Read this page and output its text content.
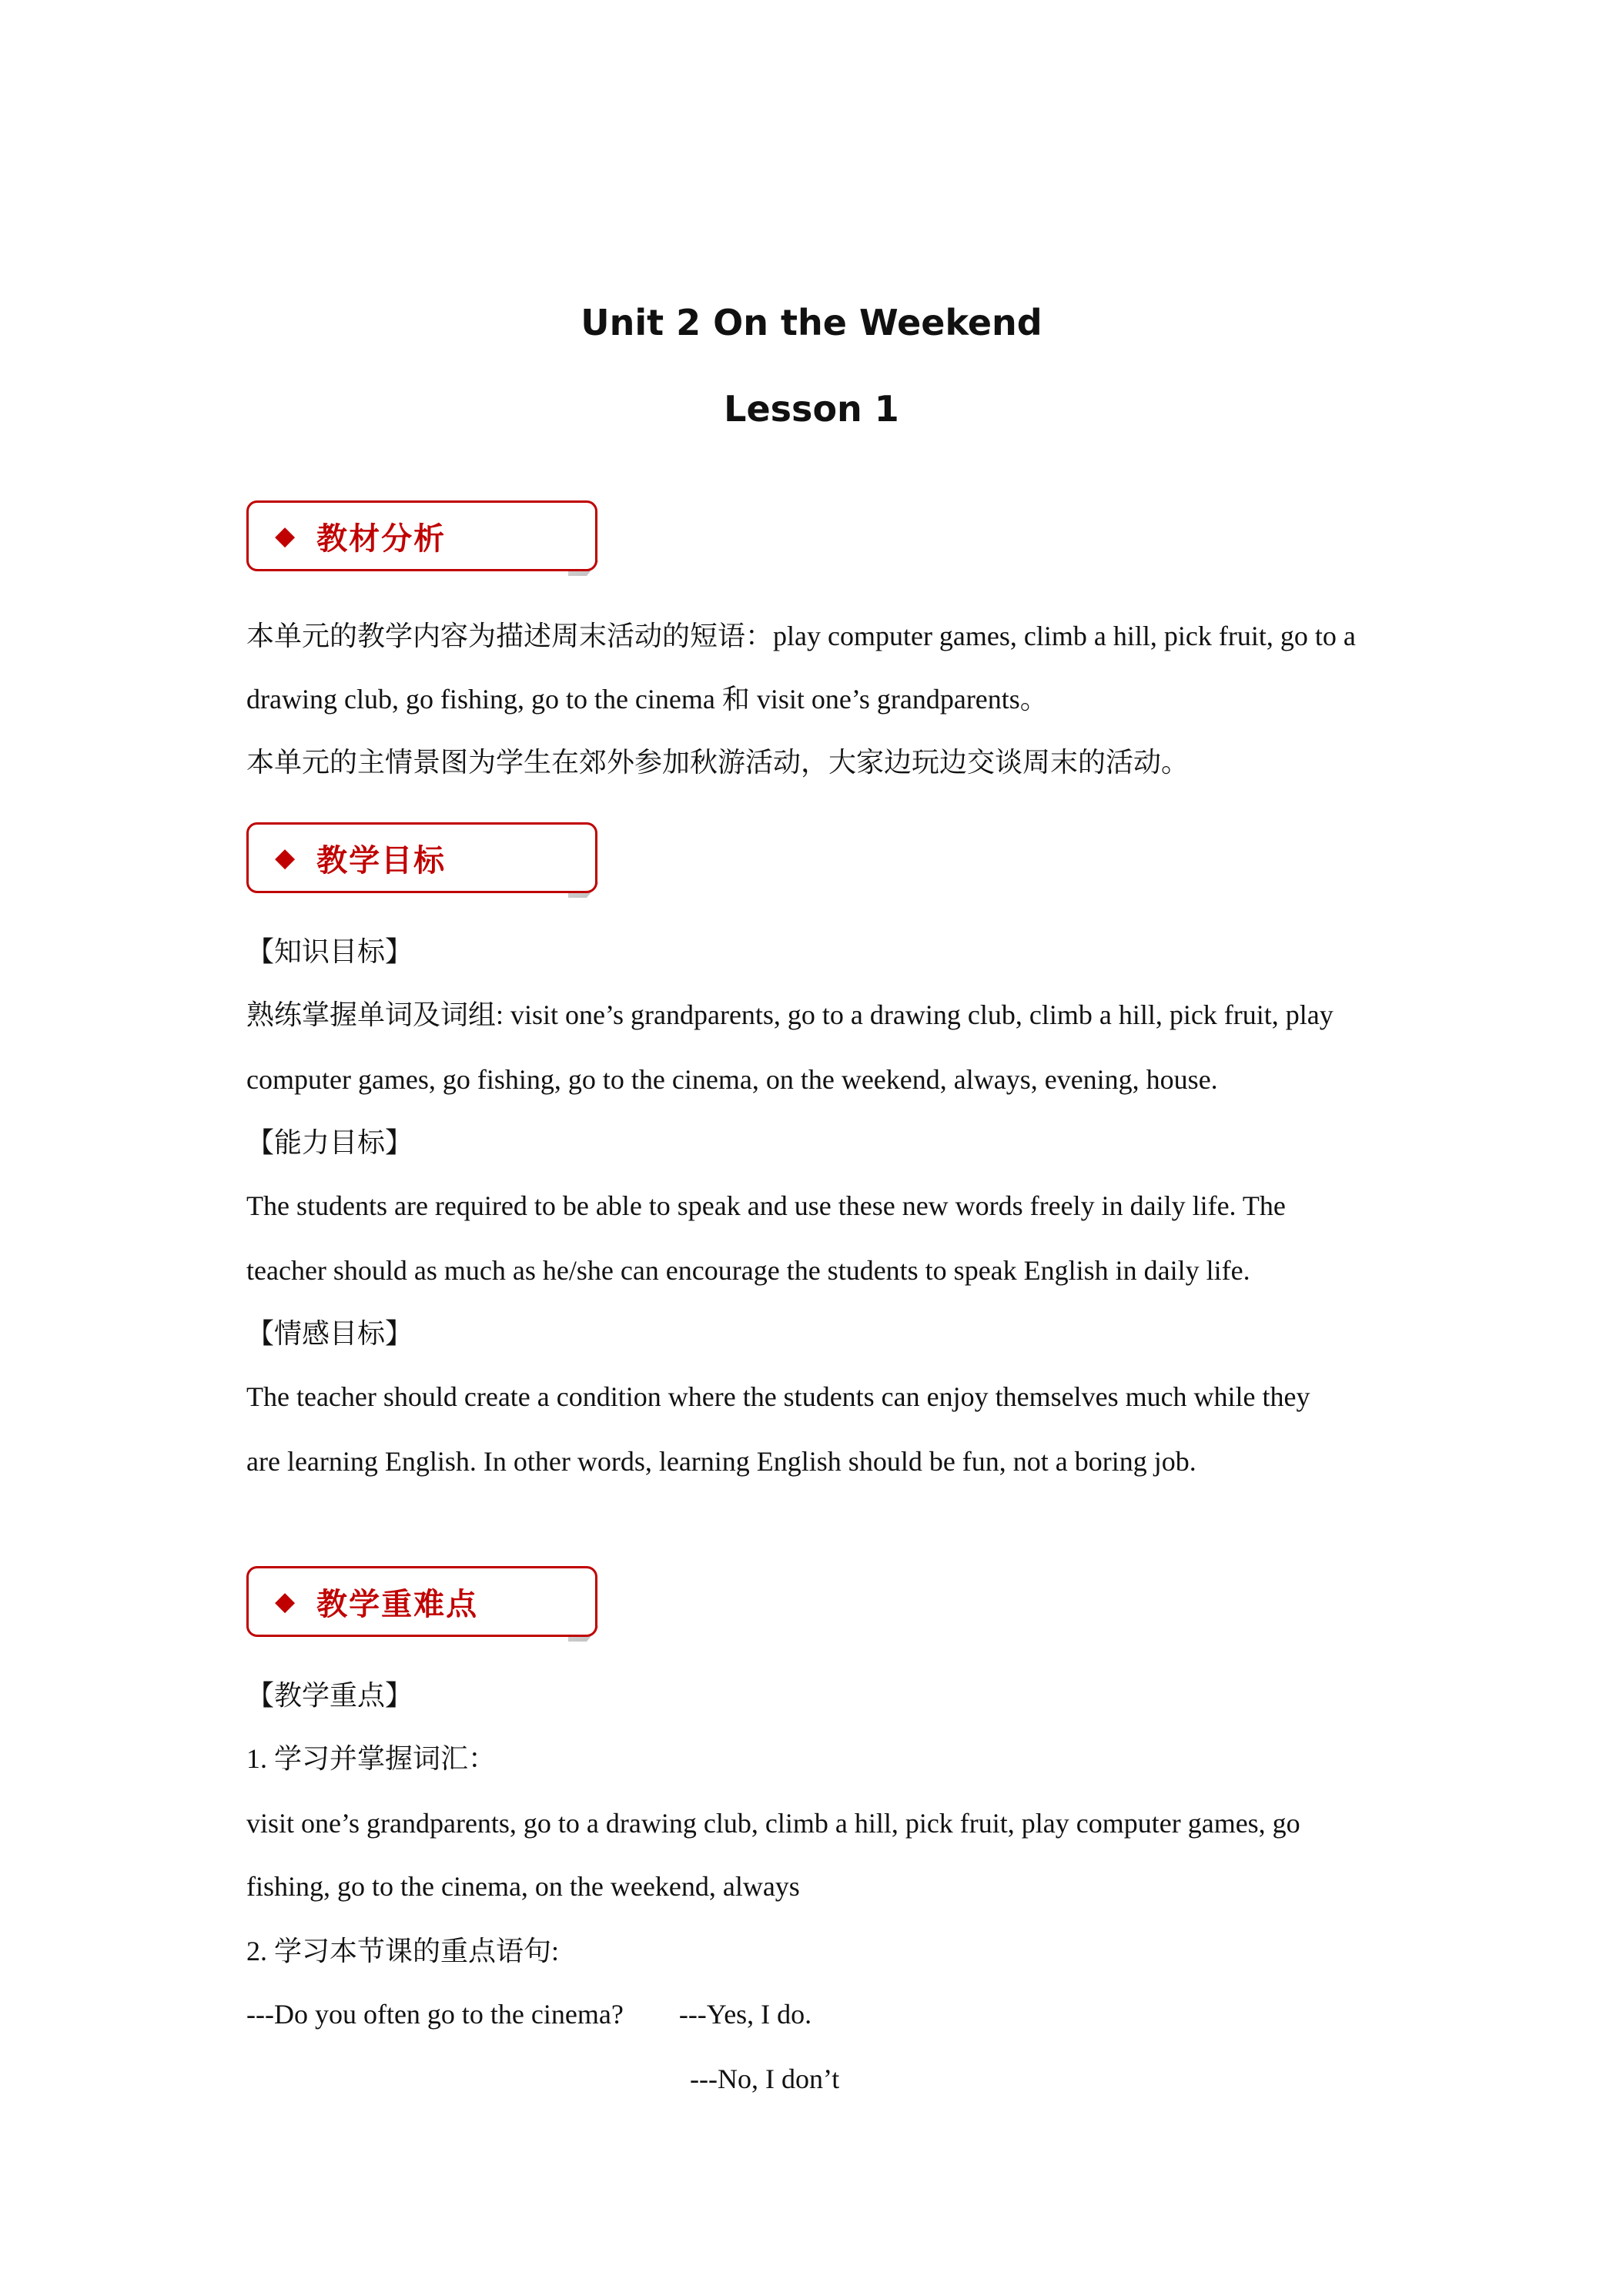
Unit 2 On the Weekend
Lesson 1
◆ 教材分析

本单元的教学内容为描述周末活动的短语：play computer games, climb a hill, pick fruit, go to a

drawing club, go fishing, go to the cinema 和 visit one’s grandparents。

本单元的主情景图为学生在郊外参加秋游活动，大家边玩边交谈周末的活动。

◆ 教学目标

【知识目标】

熟练掌握单词及词组: visit one’s grandparents, go to a drawing club, climb a hill, pick fruit, play

computer games, go fishing, go to the cinema, on the weekend, always, evening, house.

【能力目标】

The students are required to be able to speak and use these new words freely in daily life. The

teacher should as much as he/she can encourage the students to speak English in daily life.

【情感目标】

The teacher should create a condition where the students can enjoy themselves much while they

are learning English. In other words, learning English should be fun, not a boring job.

◆ 教学重难点

【教学重点】

1. 学习并掌握词汇：

visit one’s grandparents, go to a drawing club, climb a hill, pick fruit, play computer games, go

fishing, go to the cinema, on the weekend, always

2. 学习本节课的重点语句:

---Do you often go to the cinema?        ---Yes, I do.

---No, I don’t
